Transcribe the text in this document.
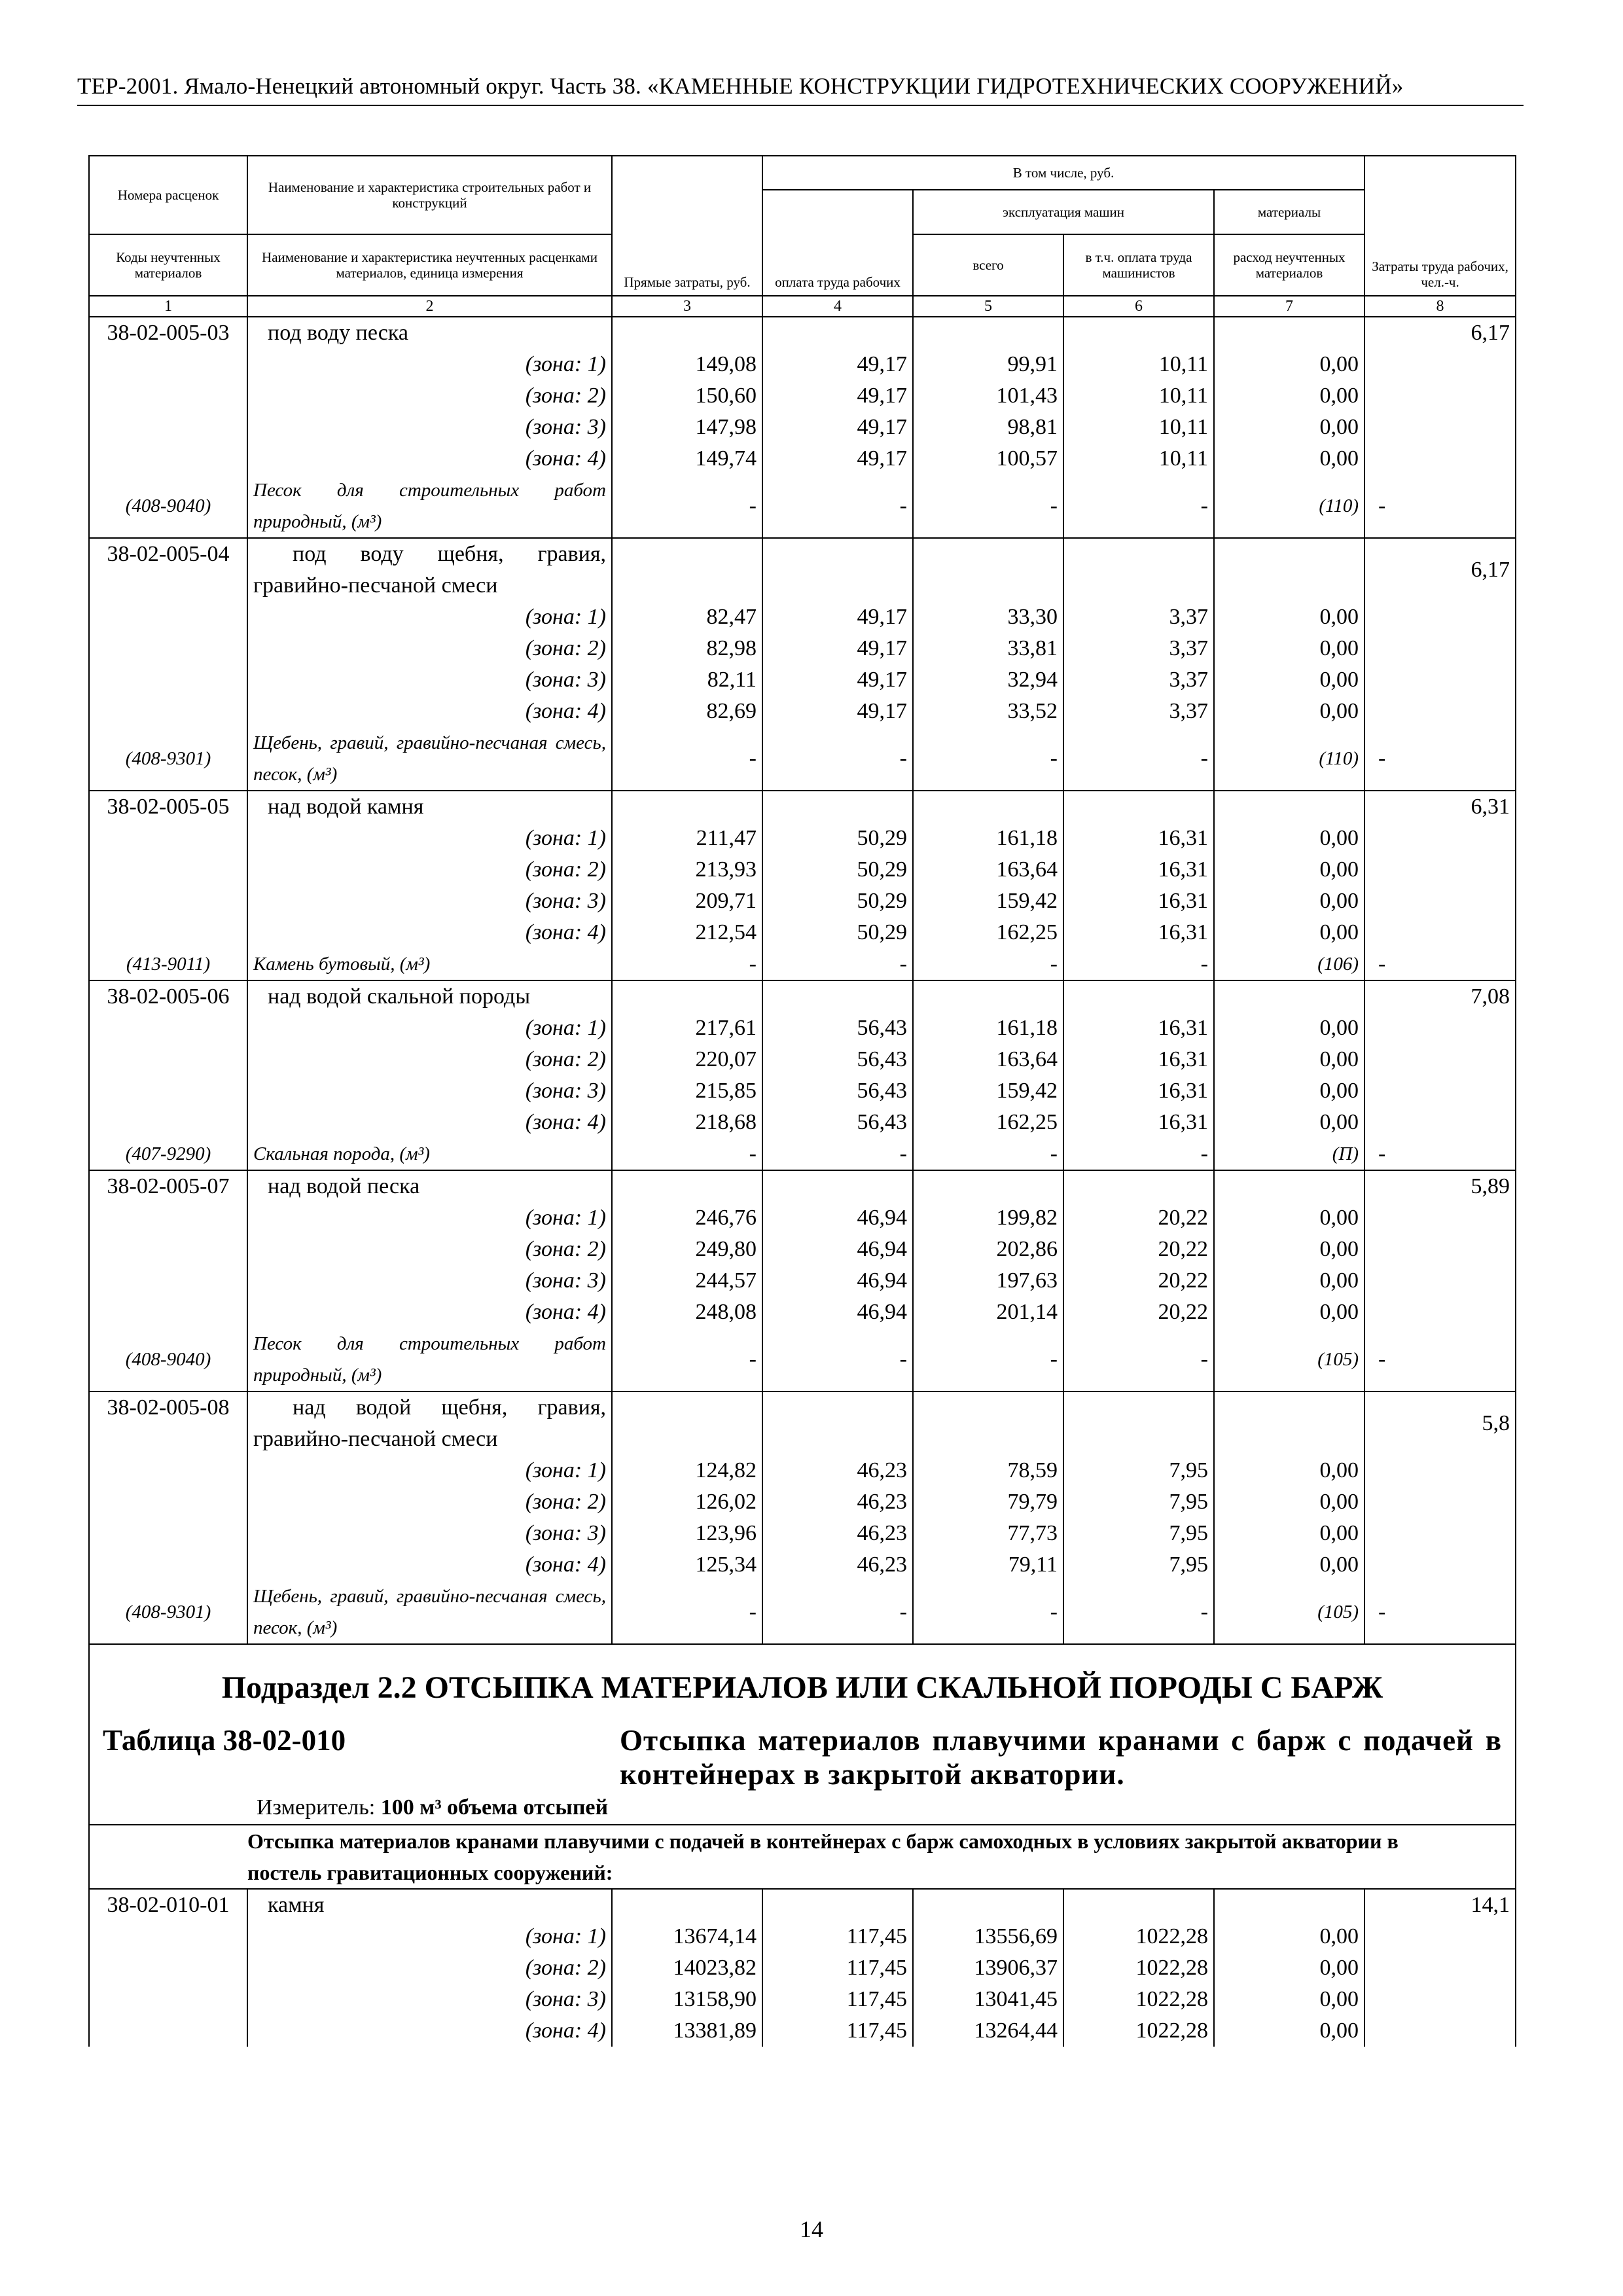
ТЕР-2001. Ямало-Ненецкий автономный округ. Часть 38. «КАМЕННЫЕ КОНСТРУКЦИИ ГИДРОТЕХНИЧЕСКИХ СООРУЖЕНИЙ»
Номера расценок	Наименование и характеристика строительных работ и конструкций	Прямые затраты, руб.	В том числе, руб.				Затраты труда рабочих, чел.-ч.
			оплата труда рабочих	эксплуатация машин		материалы	
Коды неучтенных материалов	Наименование и характеристика неучтенных расценками материалов, единица измерения			всего	в т.ч. оплата труда машинистов	расход неучтенных материалов	
1	2	3	4	5	6	7	8
38-02-005-03	под воду песка						6,17
	(зона: 1)	149,08	49,17	99,91	10,11	0,00	
	(зона: 2)	150,60	49,17	101,43	10,11	0,00	
	(зона: 3)	147,98	49,17	98,81	10,11	0,00	
	(зона: 4)	149,74	49,17	100,57	10,11	0,00	
(408-9040)	Песок для строительных работ природный, (м³)	-	-	-	-	(110)	-
38-02-005-04	под воду щебня, гравия, гравийно-песчаной смеси						6,17
	(зона: 1)	82,47	49,17	33,30	3,37	0,00	
	(зона: 2)	82,98	49,17	33,81	3,37	0,00	
	(зона: 3)	82,11	49,17	32,94	3,37	0,00	
	(зона: 4)	82,69	49,17	33,52	3,37	0,00	
(408-9301)	Щебень, гравий, гравийно-песчаная смесь, песок, (м³)	-	-	-	-	(110)	-
38-02-005-05	над водой камня						6,31
	(зона: 1)	211,47	50,29	161,18	16,31	0,00	
	(зона: 2)	213,93	50,29	163,64	16,31	0,00	
	(зона: 3)	209,71	50,29	159,42	16,31	0,00	
	(зона: 4)	212,54	50,29	162,25	16,31	0,00	
(413-9011)	Камень бутовый, (м³)	-	-	-	-	(106)	-
38-02-005-06	над водой скальной породы						7,08
	(зона: 1)	217,61	56,43	161,18	16,31	0,00	
	(зона: 2)	220,07	56,43	163,64	16,31	0,00	
	(зона: 3)	215,85	56,43	159,42	16,31	0,00	
	(зона: 4)	218,68	56,43	162,25	16,31	0,00	
(407-9290)	Скальная порода, (м³)	-	-	-	-	(П)	-
38-02-005-07	над водой песка						5,89
	(зона: 1)	246,76	46,94	199,82	20,22	0,00	
	(зона: 2)	249,80	46,94	202,86	20,22	0,00	
	(зона: 3)	244,57	46,94	197,63	20,22	0,00	
	(зона: 4)	248,08	46,94	201,14	20,22	0,00	
(408-9040)	Песок для строительных работ природный, (м³)	-	-	-	-	(105)	-
38-02-005-08	над водой щебня, гравия, гравийно-песчаной смеси						5,8
	(зона: 1)	124,82	46,23	78,59	7,95	0,00	
	(зона: 2)	126,02	46,23	79,79	7,95	0,00	
	(зона: 3)	123,96	46,23	77,73	7,95	0,00	
	(зона: 4)	125,34	46,23	79,11	7,95	0,00	
(408-9301)	Щебень, гравий, гравийно-песчаная смесь, песок, (м³)	-	-	-	-	(105)	-
Подраздел 2.2 ОТСЫПКА МАТЕРИАЛОВ ИЛИ СКАЛЬНОЙ ПОРОДЫ С БАРЖ							

Таблица 38-02-010 Отсыпка материалов плавучими кранами с барж с подачей в контейнерах в закрытой акватории.
Измеритель: 100 м³ объема отсыпей							

	Отсыпка материалов кранами плавучими с подачей в контейнерах с барж самоходных в условиях закрытой акватории в постель гравитационных сооружений:						
38-02-010-01	камня						14,1
	(зона: 1)	13674,14	117,45	13556,69	1022,28	0,00	
	(зона: 2)	14023,82	117,45	13906,37	1022,28	0,00	
	(зона: 3)	13158,90	117,45	13041,45	1022,28	0,00	
	(зона: 4)	13381,89	117,45	13264,44	1022,28	0,00	
14
